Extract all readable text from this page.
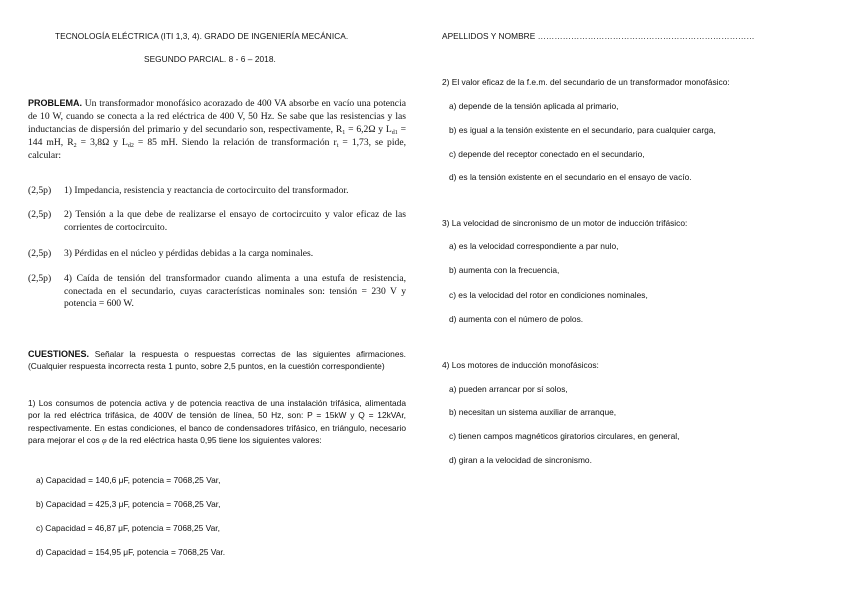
TECNOLOGÍA ELÉCTRICA (ITI 1,3, 4). GRADO DE INGENIERÍA MECÁNICA.
SEGUNDO PARCIAL. 8 - 6 – 2018.
PROBLEMA. Un transformador monofásico acorazado de 400 VA absorbe en vacío una potencia de 10 W, cuando se conecta a la red eléctrica de 400 V, 50 Hz. Se sabe que las resistencias y las inductancias de dispersión del primario y del secundario son, respectivamente, $R_1 = 6,2\Omega$ y $L_{d1} = 144$ mH, $R_2 = 3,8\Omega$ y $L_{d2} = 85$ mH. Siendo la relación de transformación $r_t = 1,73$, se pide, calcular:
(2,5p)	1) Impedancia, resistencia y reactancia de cortocircuito del transformador.
(2,5p)	2) Tensión a la que debe de realizarse el ensayo de cortocircuito y valor eficaz de las corrientes de cortocircuito.
(2,5p)	3) Pérdidas en el núcleo y pérdidas debidas a la carga nominales.
(2,5p)	4) Caída de tensión del transformador cuando alimenta a una estufa de resistencia, conectada en el secundario, cuyas características nominales son: tensión = 230 V y potencia = 600 W.
CUESTIONES. Señalar la respuesta o respuestas correctas de las siguientes afirmaciones. (Cualquier respuesta incorrecta resta 1 punto, sobre 2,5 puntos, en la cuestión correspondiente)
1) Los consumos de potencia activa y de potencia reactiva de una instalación trifásica, alimentada por la red eléctrica trifásica, de 400V de tensión de línea, 50 Hz, son: P = 15kW y Q = 12kVAr, respectivamente. En estas condiciones, el banco de condensadores trifásico, en triángulo, necesario para mejorar el cos φ de la red eléctrica hasta 0,95 tiene los siguientes valores:
a) Capacidad = 140,6 μF, potencia = 7068,25 Var,
b) Capacidad = 425,3 μF, potencia = 7068,25 Var,
c) Capacidad = 46,87 μF, potencia = 7068,25 Var,
d) Capacidad = 154,95 μF, potencia = 7068,25 Var.
APELLIDOS Y NOMBRE ……………………………………………………………………
2) El valor eficaz de la f.e.m. del secundario de un transformador monofásico:
a) depende de la tensión aplicada al primario,
b) es igual a la tensión existente en el secundario, para cualquier carga,
c) depende del receptor conectado en el secundario,
d) es la tensión existente en el secundario en el ensayo de vacío.
3) La velocidad de sincronismo de un motor de inducción trifásico:
a) es la velocidad correspondiente a par nulo,
b) aumenta con la frecuencia,
c) es la velocidad del rotor en condiciones nominales,
d) aumenta con el número de polos.
4) Los motores de inducción monofásicos:
a) pueden arrancar por sí solos,
b) necesitan un sistema auxiliar de arranque,
c) tienen campos magnéticos giratorios circulares, en general,
d) giran a la velocidad de sincronismo.
